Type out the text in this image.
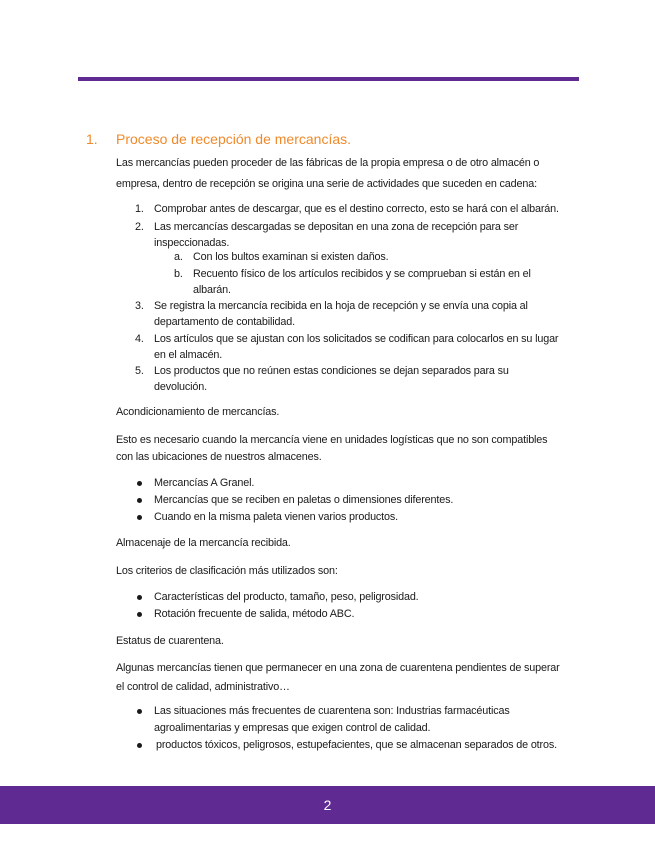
1. Proceso de recepción de mercancías.
Las mercancías pueden proceder de las fábricas de la propia empresa o de otro almacén o
empresa, dentro de recepción se origina una serie de actividades que suceden en cadena:
1. Comprobar antes de descargar, que es el destino correcto, esto se hará con el albarán.
2. Las mercancías descargadas se depositan en una zona de recepción para ser
inspeccionadas.
a. Con los bultos examinan si existen daños.
b. Recuento físico de los artículos recibidos y se comprueban si están en el
albarán.
3. Se registra la mercancía recibida en la hoja de recepción y se envía una copia al
departamento de contabilidad.
4. Los artículos que se ajustan con los solicitados se codifican para colocarlos en su lugar
en el almacén.
5. Los productos que no reúnen estas condiciones se dejan separados para su
devolución.
Acondicionamiento de mercancías.
Esto es necesario cuando la mercancía viene en unidades logísticas que no son compatibles
con las ubicaciones de nuestros almacenes.
Mercancías A Granel.
Mercancías que se reciben en paletas o dimensiones diferentes.
Cuando en la misma paleta vienen varios productos.
Almacenaje de la mercancía recibida.
Los criterios de clasificación más utilizados son:
Características del producto, tamaño, peso, peligrosidad.
Rotación frecuente de salida, método ABC.
Estatus de cuarentena.
Algunas mercancías tienen que permanecer en una zona de cuarentena pendientes de superar
el control de calidad, administrativo…
Las situaciones más frecuentes de cuarentena son: Industrias farmacéuticas
agroalimentarias y empresas que exigen control de calidad.
productos tóxicos, peligrosos, estupefacientes, que se almacenan separados de otros.
2
